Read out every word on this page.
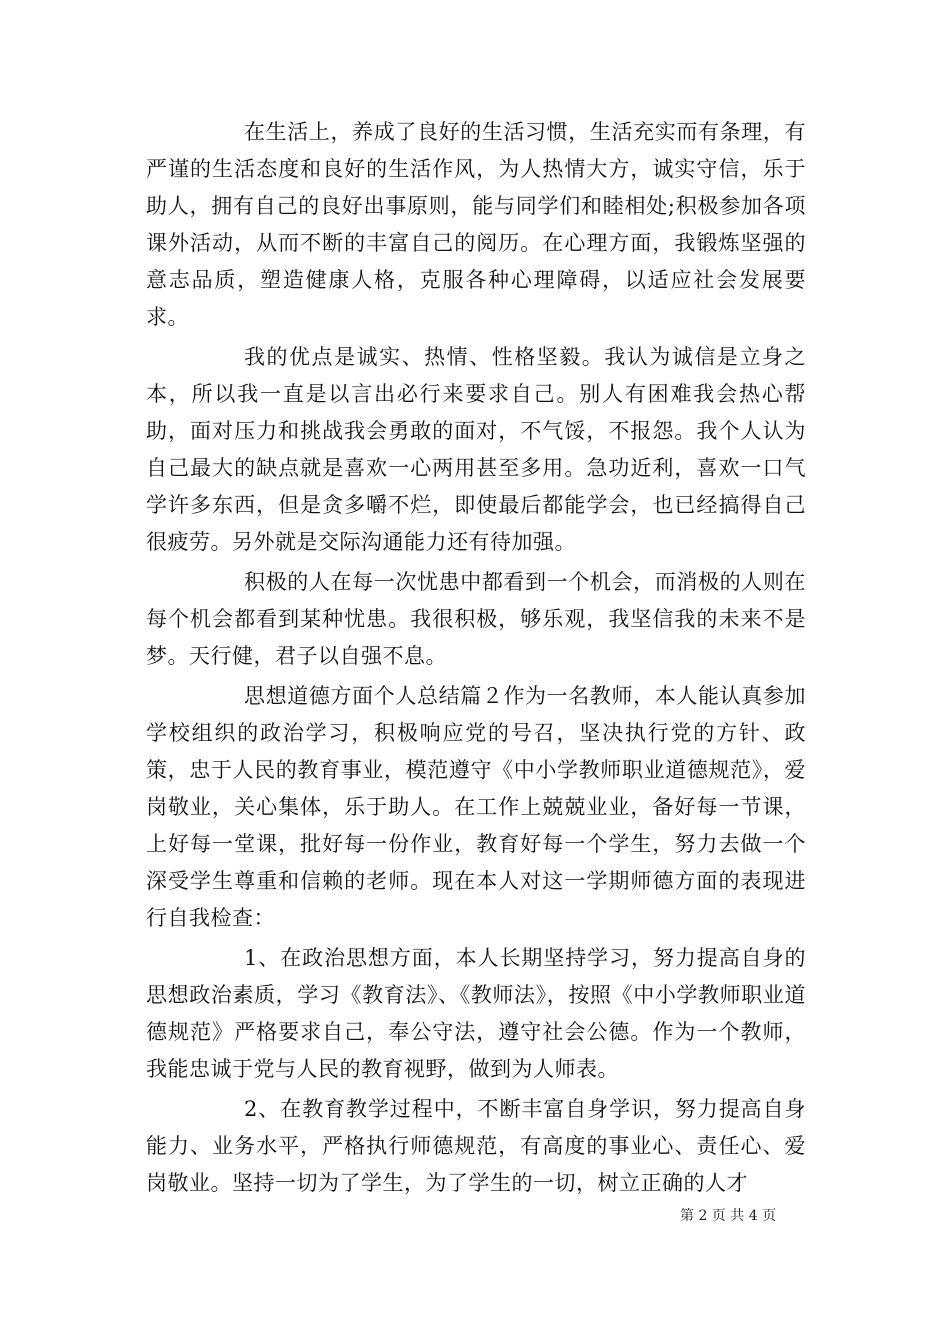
在生活上，养成了良好的生活习惯，生活充实而有条理，有严谨的生活态度和良好的生活作风，为人热情大方，诚实守信，乐于助人，拥有自己的良好出事原则，能与同学们和睦相处;积极参加各项课外活动，从而不断的丰富自己的阅历。在心理方面，我锻炼坚强的意志品质，塑造健康人格，克服各种心理障碍，以适应社会发展要求。

我的优点是诚实、热情、性格坚毅。我认为诚信是立身之本，所以我一直是以言出必行来要求自己。别人有困难我会热心帮助，面对压力和挑战我会勇敢的面对，不气馁，不报怨。我个人认为自己最大的缺点就是喜欢一心两用甚至多用。急功近利，喜欢一口气学许多东西，但是贪多嚼不烂，即使最后都能学会，也已经搞得自己很疲劳。另外就是交际沟通能力还有待加强。

积极的人在每一次忧患中都看到一个机会，而消极的人则在每个机会都看到某种忧患。我很积极，够乐观，我坚信我的未来不是梦。天行健，君子以自强不息。

思想道德方面个人总结篇２作为一名教师，本人能认真参加学校组织的政治学习，积极响应党的号召，坚决执行党的方针、政策，忠于人民的教育事业，模范遵守《中小学教师职业道德规范》，爱岗敬业，关心集体，乐于助人。在工作上兢兢业业，备好每一节课，上好每一堂课，批好每一份作业，教育好每一个学生，努力去做一个深受学生尊重和信赖的老师。现在本人对这一学期师德方面的表现进行自我检查：

1、在政治思想方面，本人长期坚持学习，努力提高自身的思想政治素质，学习《教育法》、《教师法》，按照《中小学教师职业道德规范》严格要求自己，奉公守法，遵守社会公德。作为一个教师，我能忠诚于党与人民的教育视野，做到为人师表。

2、在教育教学过程中，不断丰富自身学识，努力提高自身能力、业务水平，严格执行师德规范，有高度的事业心、责任心、爱岗敬业。坚持一切为了学生，为了学生的一切，树立正确的人才

第 2 页 共 4 页
